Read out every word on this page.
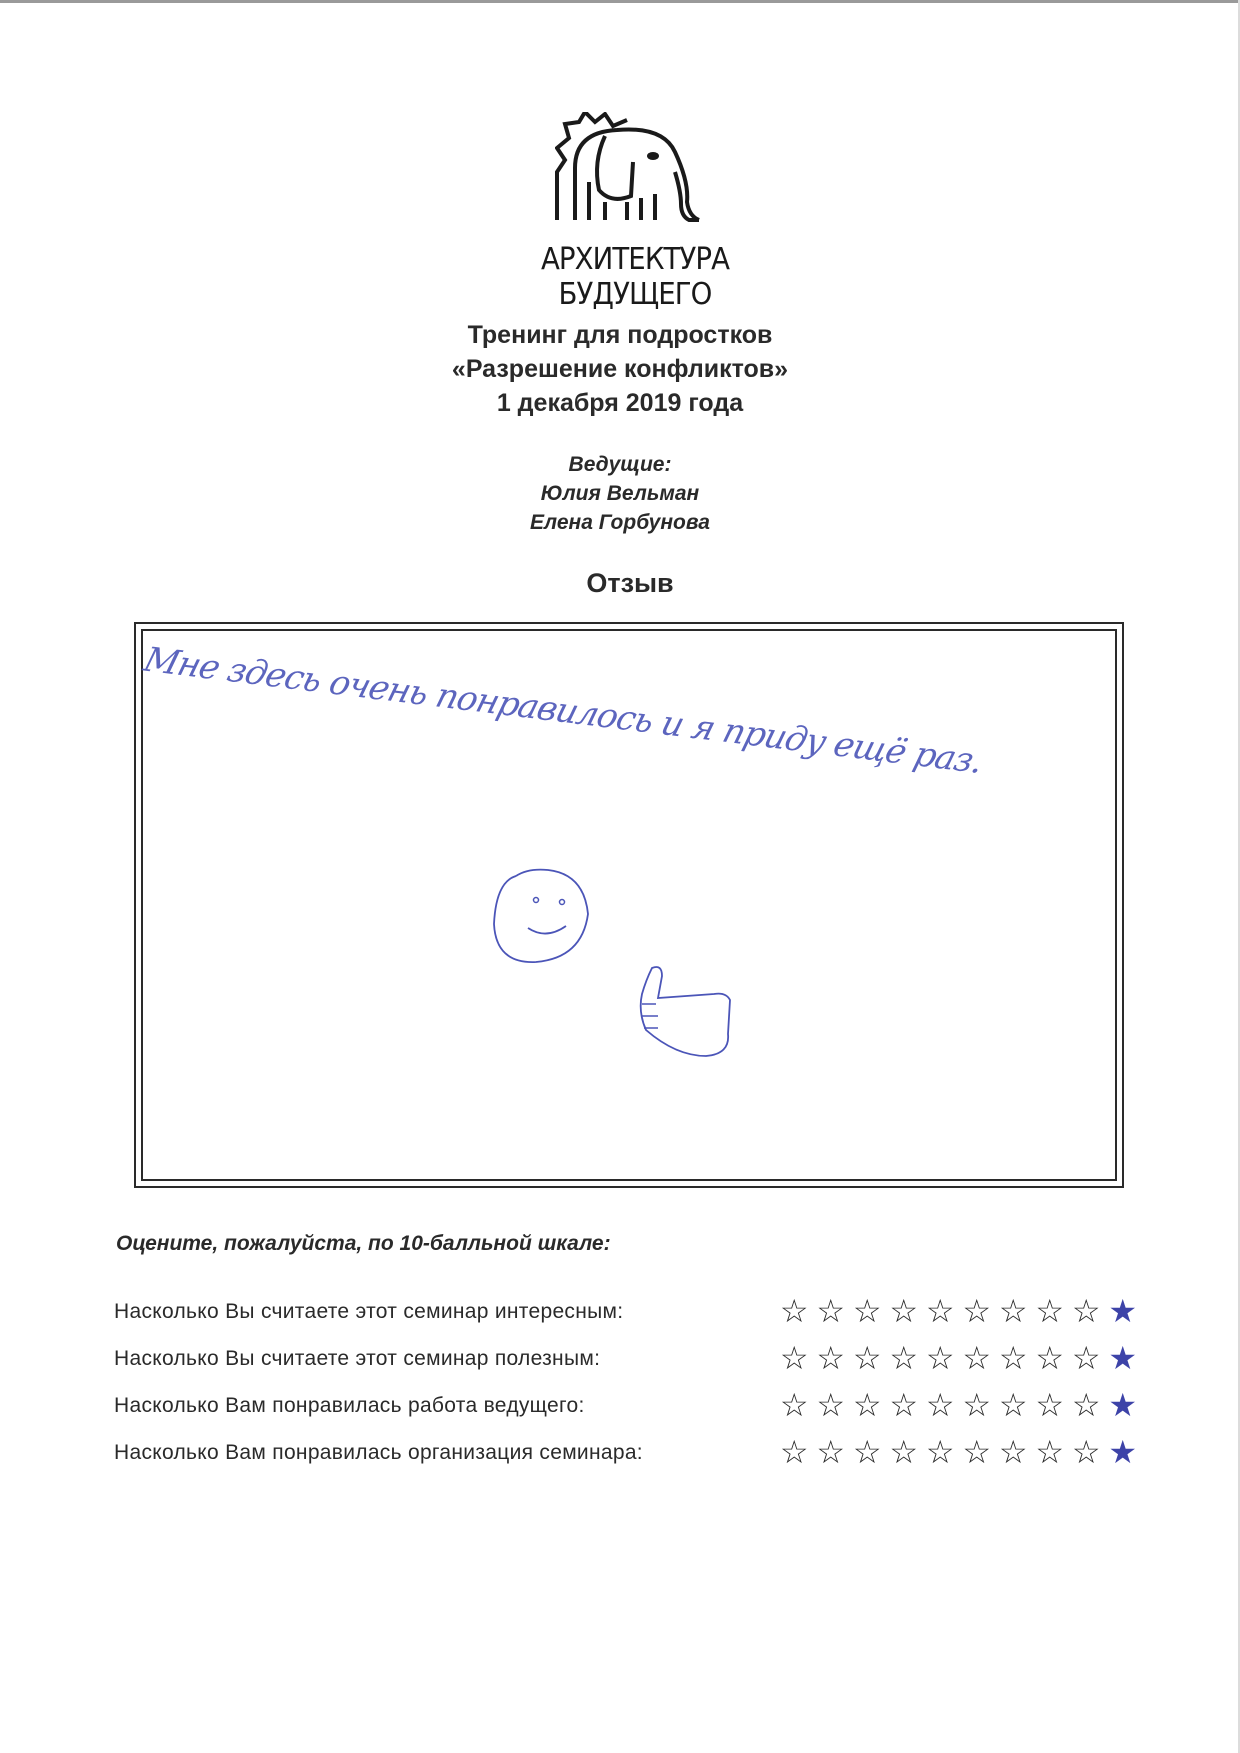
АРХИТЕКТУРА БУДУЩЕГО
Тренинг для подростков
«Разрешение конфликтов»
1 декабря 2019 года
Ведущие:
Юлия Вельман
Елена Горбунова
Отзыв
Мне здесь очень понравилось и я приду ещё раз.
Оцените, пожалуйста, по 10-балльной шкале:
Насколько Вы считаете этот семинар интересным:	☆ ☆ ☆ ☆ ☆ ☆ ☆ ☆ ☆ ★
Насколько Вы считаете этот семинар полезным:	☆ ☆ ☆ ☆ ☆ ☆ ☆ ☆ ☆ ★
Насколько Вам понравилась работа ведущего:	☆ ☆ ☆ ☆ ☆ ☆ ☆ ☆ ☆ ★
Насколько Вам понравилась организация семинара:	☆ ☆ ☆ ☆ ☆ ☆ ☆ ☆ ☆ ★
